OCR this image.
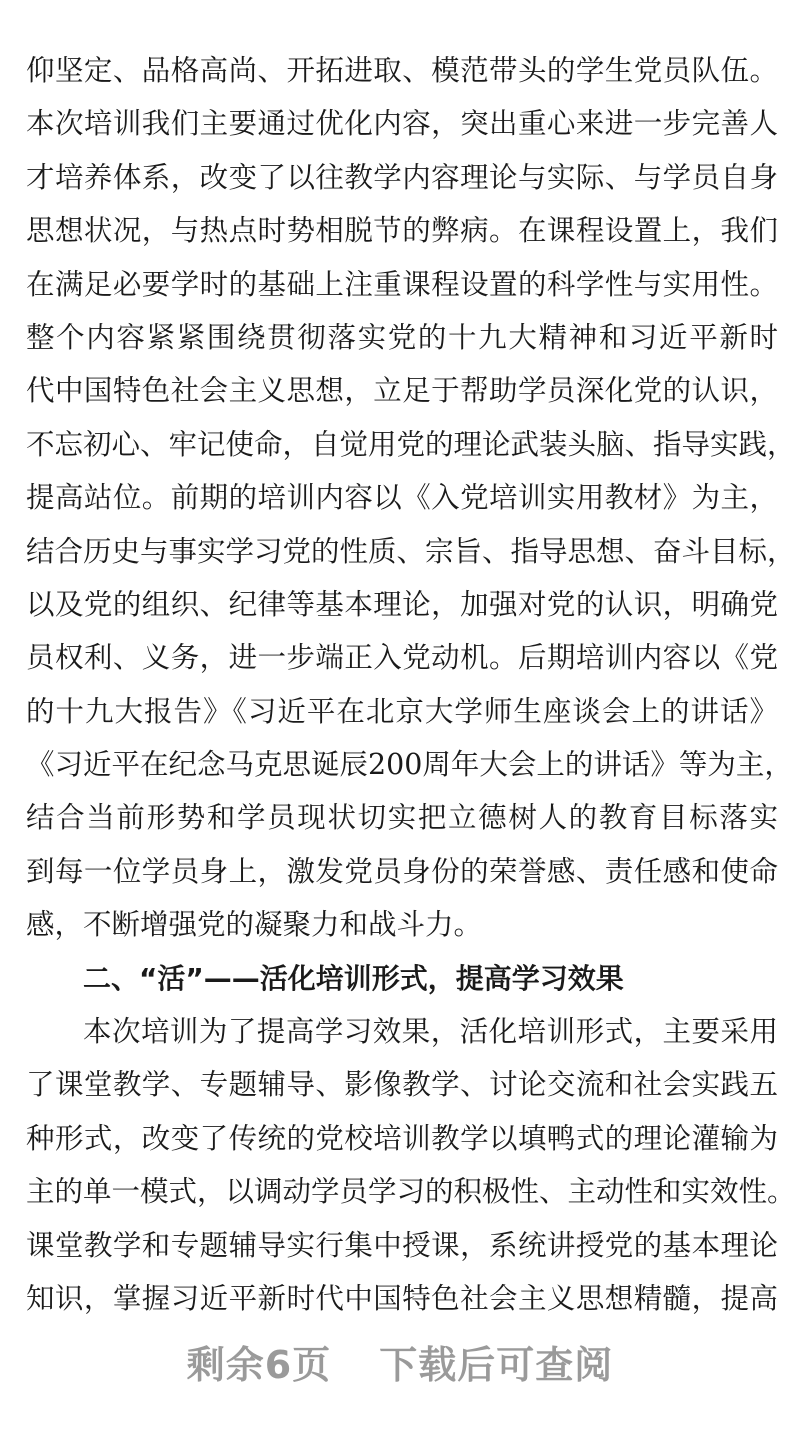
仰坚定、品格高尚、开拓进取、模范带头的学生党员队伍。
本次培训我们主要通过优化内容，突出重心来进一步完善人
才培养体系，改变了以往教学内容理论与实际、与学员自身
思想状况，与热点时势相脱节的弊病。在课程设置上，我们
在满足必要学时的基础上注重课程设置的科学性与实用性。
整个内容紧紧围绕贯彻落实党的十九大精神和习近平新时
代中国特色社会主义思想，立足于帮助学员深化党的认识，
不忘初心、牢记使命，自觉用党的理论武装头脑、指导实践，
提高站位。前期的培训内容以《入党培训实用教材》为主，
结合历史与事实学习党的性质、宗旨、指导思想、奋斗目标，
以及党的组织、纪律等基本理论，加强对党的认识，明确党
员权利、义务，进一步端正入党动机。后期培训内容以《党
的十九大报告》《习近平在北京大学师生座谈会上的讲话》
《习近平在纪念马克思诞辰200周年大会上的讲话》等为主，
结合当前形势和学员现状切实把立德树人的教育目标落实
到每一位学员身上，激发党员身份的荣誉感、责任感和使命
感，不断增强党的凝聚力和战斗力。
二、“活”——活化培训形式，提高学习效果
本次培训为了提高学习效果，活化培训形式，主要采用
了课堂教学、专题辅导、影像教学、讨论交流和社会实践五
种形式，改变了传统的党校培训教学以填鸭式的理论灌输为
主的单一模式，以调动学员学习的积极性、主动性和实效性。
课堂教学和专题辅导实行集中授课，系统讲授党的基本理论
知识，掌握习近平新时代中国特色社会主义思想精髓，提高
剩余6页 下载后可查阅
